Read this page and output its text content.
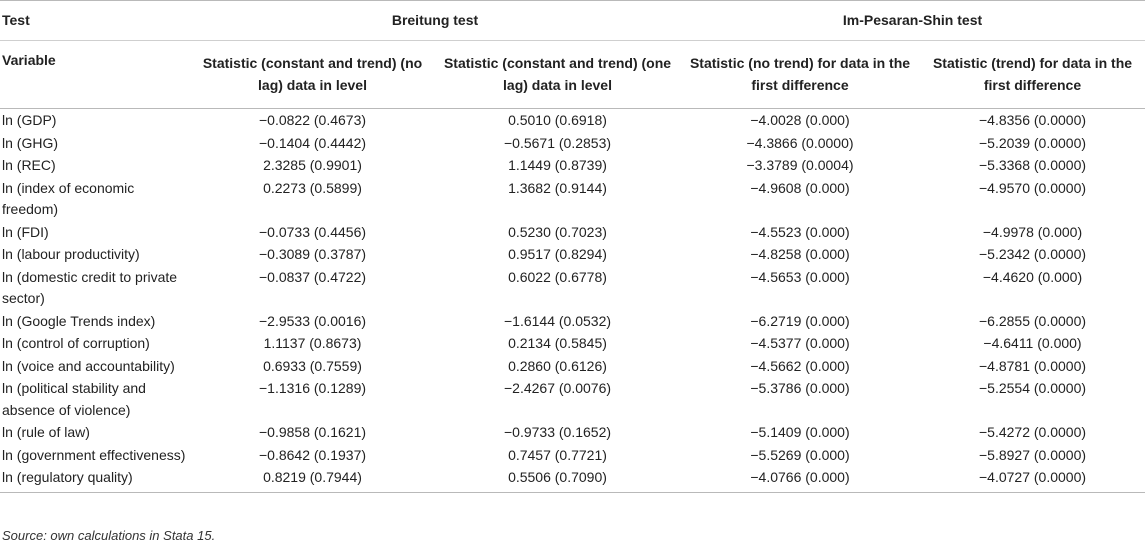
Test	Breitung test		Im-Pesaran-Shin test	
Variable	Statistic (constant and trend) (no lag) data in level	Statistic (constant and trend) (one lag) data in level	Statistic (no trend) for data in the first difference	Statistic (trend) for data in the first difference
ln (GDP)	−0.0822 (0.4673)	0.5010 (0.6918)	−4.0028 (0.000)	−4.8356 (0.0000)
ln (GHG)	−0.1404 (0.4442)	−0.5671 (0.2853)	−4.3866 (0.0000)	−5.2039 (0.0000)
ln (REC)	2.3285 (0.9901)	1.1449 (0.8739)	−3.3789 (0.0004)	−5.3368 (0.0000)
ln (index of economic freedom)	0.2273 (0.5899)	1.3682 (0.9144)	−4.9608 (0.000)	−4.9570 (0.0000)
ln (FDI)	−0.0733 (0.4456)	0.5230 (0.7023)	−4.5523 (0.000)	−4.9978 (0.000)
ln (labour productivity)	−0.3089 (0.3787)	0.9517 (0.8294)	−4.8258 (0.000)	−5.2342 (0.0000)
ln (domestic credit to private sector)	−0.0837 (0.4722)	0.6022 (0.6778)	−4.5653 (0.000)	−4.4620 (0.000)
ln (Google Trends index)	−2.9533 (0.0016)	−1.6144 (0.0532)	−6.2719 (0.000)	−6.2855 (0.0000)
ln (control of corruption)	1.1137 (0.8673)	0.2134 (0.5845)	−4.5377 (0.000)	−4.6411 (0.000)
ln (voice and accountability)	0.6933 (0.7559)	0.2860 (0.6126)	−4.5662 (0.000)	−4.8781 (0.0000)
ln (political stability and absence of violence)	−1.1316 (0.1289)	−2.4267 (0.0076)	−5.3786 (0.000)	−5.2554 (0.0000)
ln (rule of law)	−0.9858 (0.1621)	−0.9733 (0.1652)	−5.1409 (0.000)	−5.4272 (0.0000)
ln (government effectiveness)	−0.8642 (0.1937)	0.7457 (0.7721)	−5.5269 (0.000)	−5.8927 (0.0000)
ln (regulatory quality)	0.8219 (0.7944)	0.5506 (0.7090)	−4.0766 (0.000)	−4.0727 (0.0000)
Source: own calculations in Stata 15.
